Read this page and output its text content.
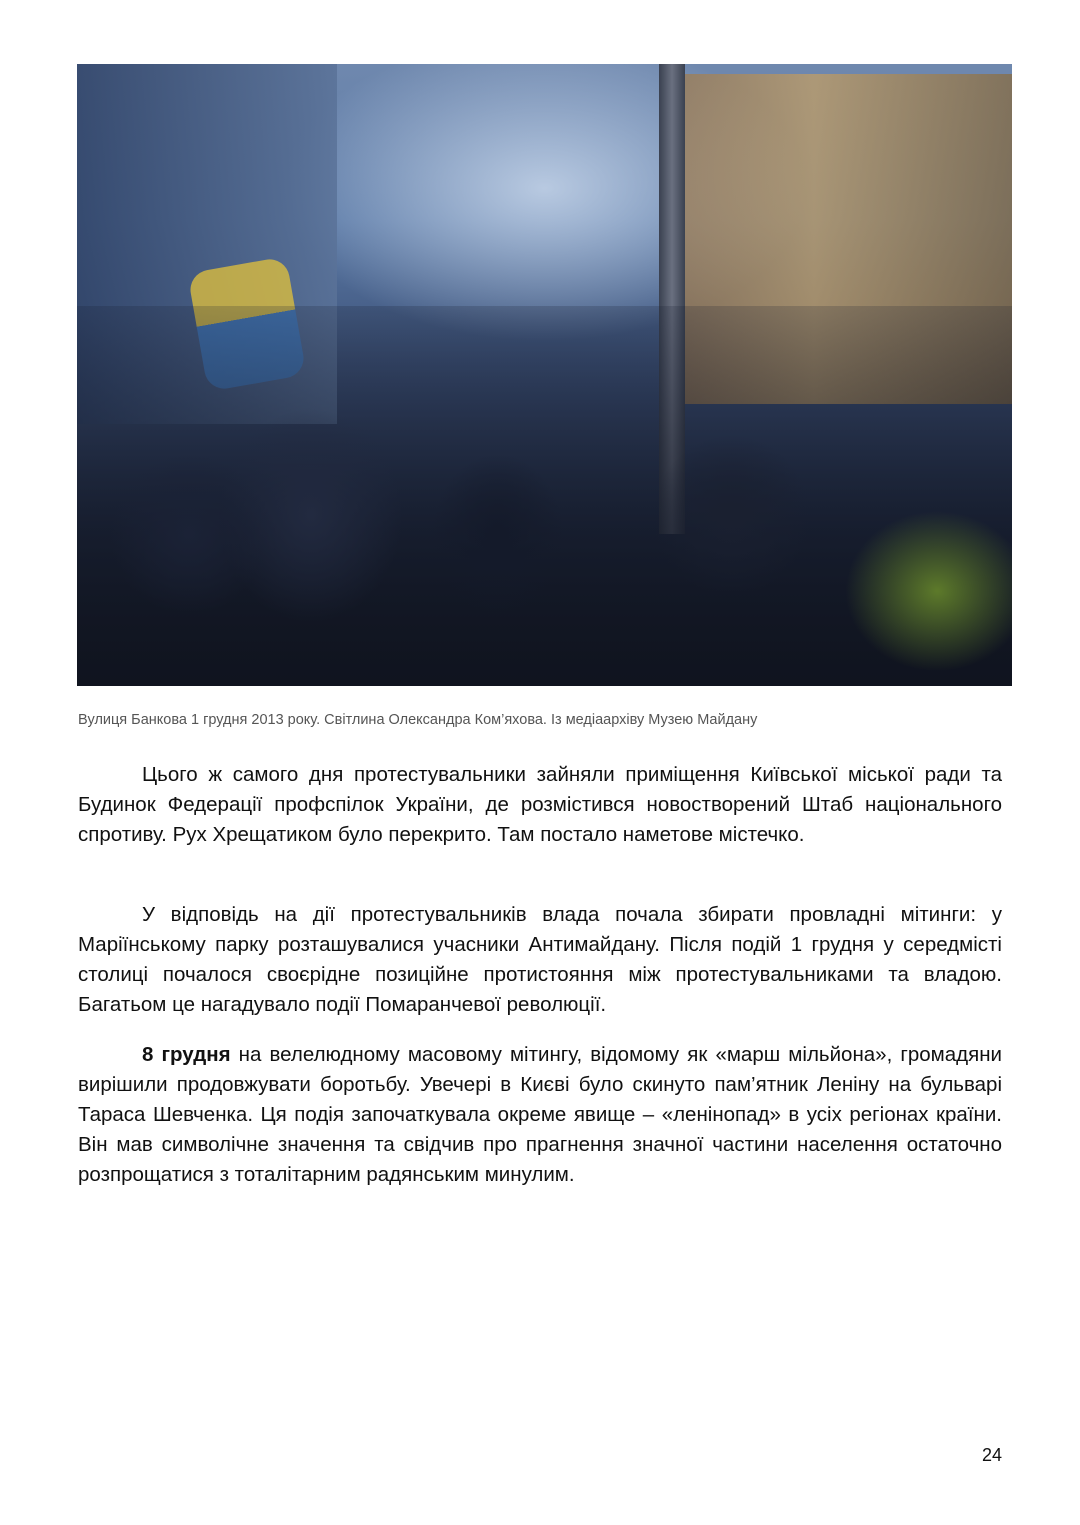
Вулиця Банкова 1 грудня 2013 року. Світлина Олександра Ком’яхова. Із медіаархіву Музею Майдану

Цього ж самого дня протестувальники зайняли приміщення Київської міської ради та Будинок Федерації профспілок України, де розмістився новостворений Штаб національного спротиву. Рух Хрещатиком було перекрито. Там постало наметове містечко.

У відповідь на дії протестувальників влада почала збирати провладні мітинги: у Маріїнському парку розташувалися учасники Антимайдану. Після подій 1 грудня у середмісті столиці почалося своєрідне позиційне протистояння між протестувальниками та владою. Багатьом це нагадувало події Помаранчевої революції.

8 грудня на велелюдному масовому мітингу, відомому як «марш мільйона», громадяни вирішили продовжувати боротьбу. Увечері в Києві було скинуто пам’ятник Леніну на бульварі Тараса Шевченка. Ця подія започаткувала окреме явище – «ленінопад» в усіх регіонах країни. Він мав символічне значення та свідчив про прагнення значної частини населення остаточно розпрощатися з тоталітарним радянським минулим.

24
